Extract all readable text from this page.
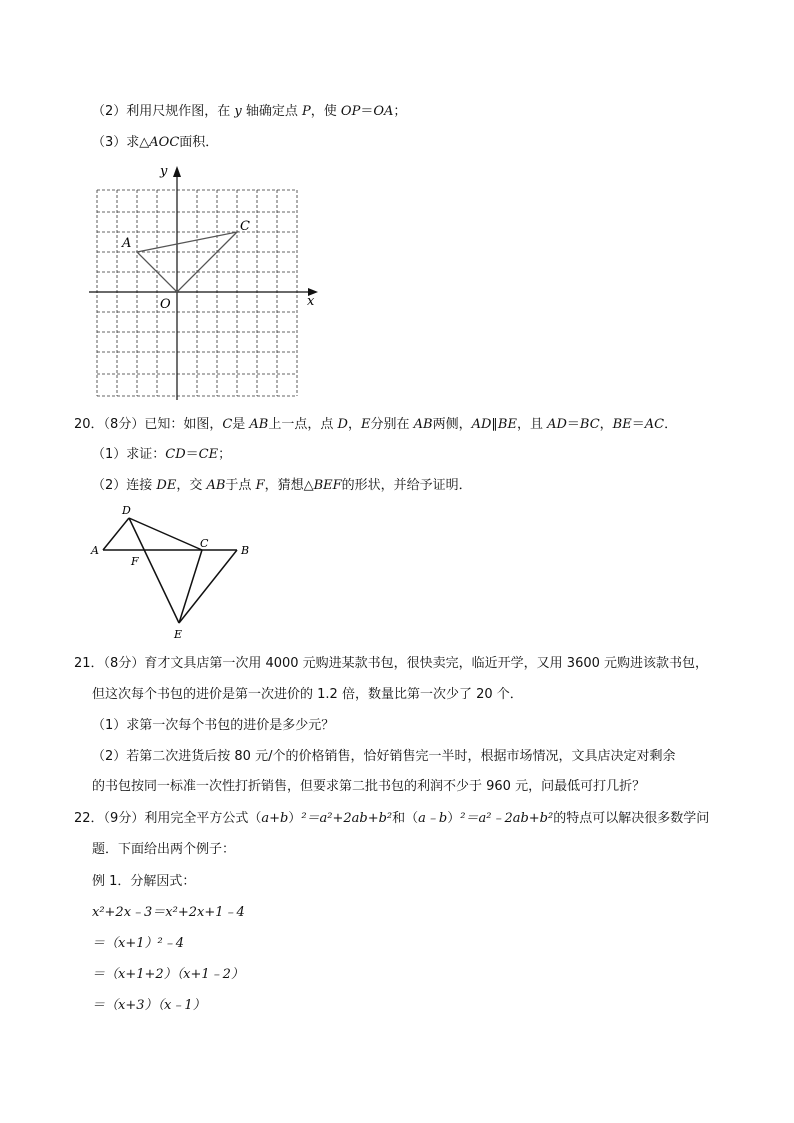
（2）利用尺规作图，在 y 轴确定点 P，使 OP＝OA；
（3）求△AOC面积．
y
x
A
C
O
20．（8分）已知：如图，C是 AB上一点，点 D，E分别在 AB两侧，AD∥BE，且 AD＝BC，BE＝AC．
（1）求证：CD＝CE；
（2）连接 DE，交 AB于点 F，猜想△BEF的形状，并给予证明．
D
A
F
C
B
E
21．（8分）育才文具店第一次用 4000 元购进某款书包，很快卖完，临近开学，又用 3600 元购进该款书包，
但这次每个书包的进价是第一次进价的 1.2 倍，数量比第一次少了 20 个．
（1）求第一次每个书包的进价是多少元？
（2）若第二次进货后按 80 元/个的价格销售，恰好销售完一半时，根据市场情况，文具店决定对剩余
的书包按同一标准一次性打折销售，但要求第二批书包的利润不少于 960 元，问最低可打几折？
22．（9分）利用完全平方公式（a+b）²＝a²+2ab+b²和（a﹣b）²＝a²﹣2ab+b²的特点可以解决很多数学问
题．下面给出两个例子：
例 1．分解因式：
x²+2x﹣3＝x²+2x+1﹣4
＝（x+1）²﹣4
＝（x+1+2）（x+1﹣2）
＝（x+3）（x﹣1）
